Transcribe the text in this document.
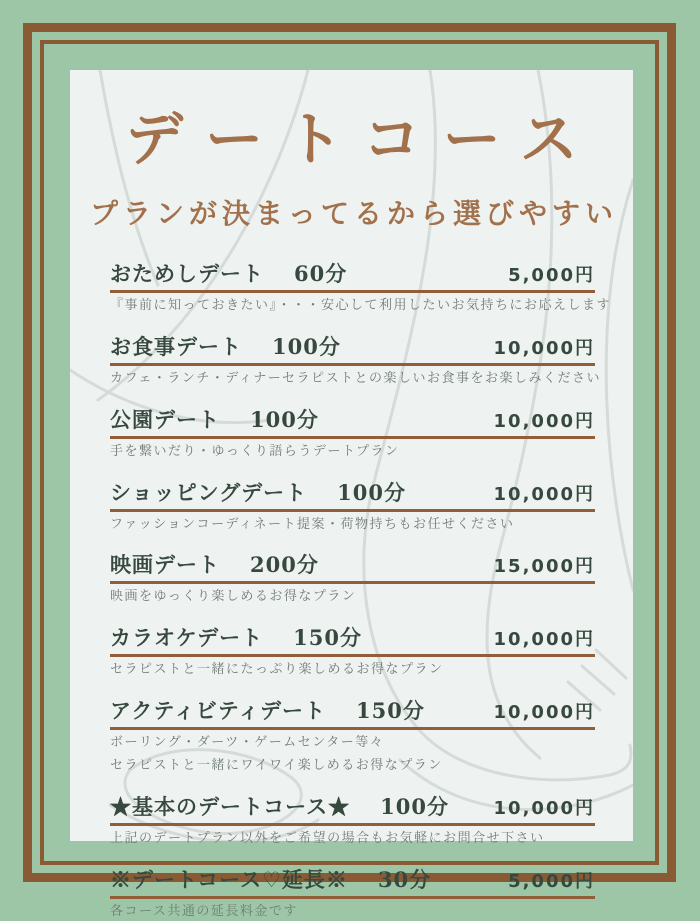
デートコース
プランが決まってるから選びやすい
おためしデート 60分	5,000円
『事前に知っておきたい』・・・安心して利用したいお気持ちにお応えします
お食事デート 100分	10,000円
カフェ・ランチ・ディナーセラピストとの楽しいお食事をお楽しみください
公園デート 100分	10,000円
手を繋いだり・ゆっくり語らうデートプラン
ショッピングデート 100分	10,000円
ファッションコーディネート提案・荷物持ちもお任せください
映画デート 200分	15,000円
映画をゆっくり楽しめるお得なプラン
カラオケデート 150分	10,000円
セラピストと一緒にたっぷり楽しめるお得なプラン
アクティビティデート 150分	10,000円
ボーリング・ダーツ・ゲームセンター等々
セラピストと一緒にワイワイ楽しめるお得なプラン
★基本のデートコース★ 100分 10,000円
上記のデートプラン以外をご希望の場合もお気軽にお問合せ下さい
※デートコース♡延長※ 30分	5,000円
各コース共通の延長料金です
